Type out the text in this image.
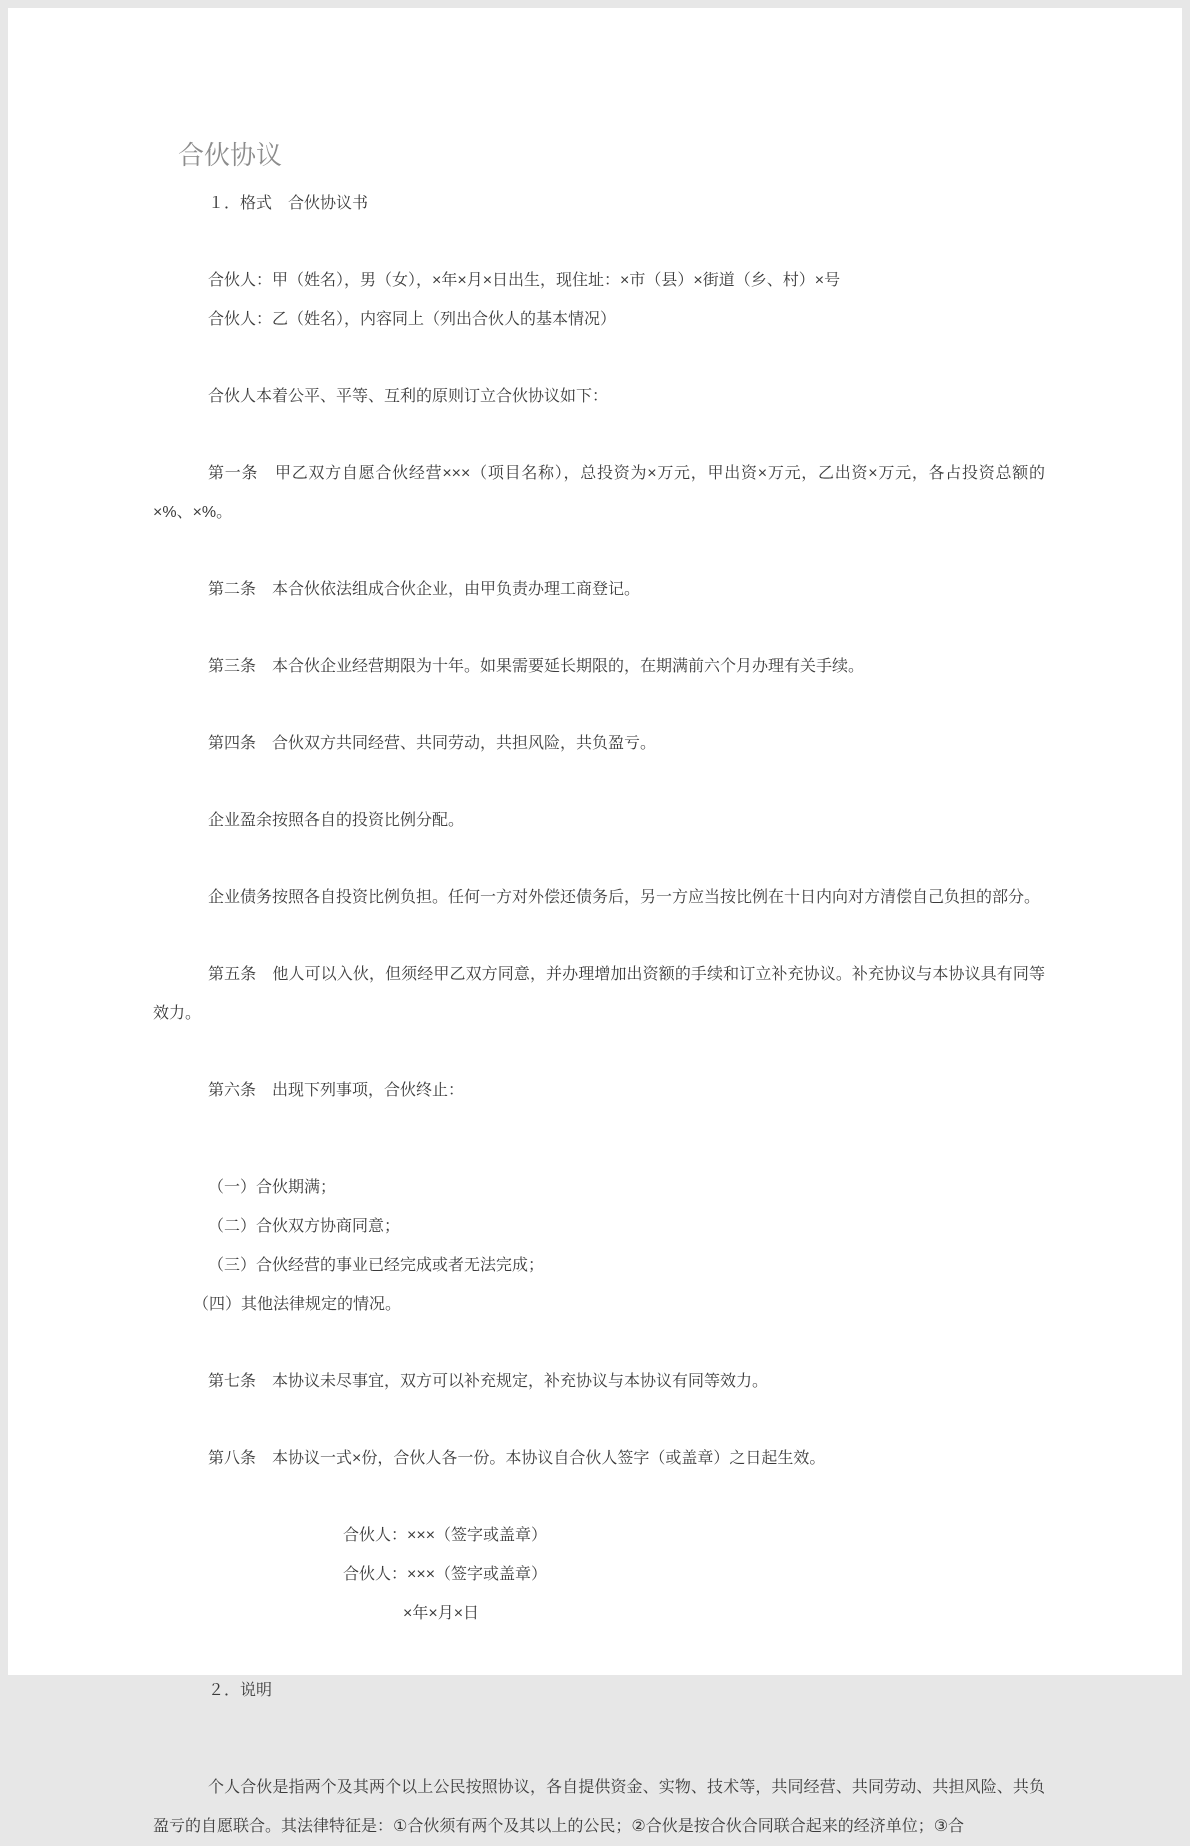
合伙协议

１．格式　合伙协议书

合伙人：甲（姓名），男（女），×年×月×日出生，现住址：×市（县）×街道（乡、村）×号

合伙人：乙（姓名），内容同上（列出合伙人的基本情况）

合伙人本着公平、平等、互利的原则订立合伙协议如下：

第一条　甲乙双方自愿合伙经营×××（项目名称），总投资为×万元，甲出资×万元，乙出资×万元，各占投资总额的×%、×%。

第二条　本合伙依法组成合伙企业，由甲负责办理工商登记。

第三条　本合伙企业经营期限为十年。如果需要延长期限的，在期满前六个月办理有关手续。

第四条　合伙双方共同经营、共同劳动，共担风险，共负盈亏。

企业盈余按照各自的投资比例分配。

企业债务按照各自投资比例负担。任何一方对外偿还债务后，另一方应当按比例在十日内向对方清偿自己负担的部分。

第五条　他人可以入伙，但须经甲乙双方同意，并办理增加出资额的手续和订立补充协议。补充协议与本协议具有同等效力。

第六条　出现下列事项，合伙终止：

（一）合伙期满；

（二）合伙双方协商同意；

（三）合伙经营的事业已经完成或者无法完成；

（四）其他法律规定的情况。

第七条　本协议未尽事宜，双方可以补充规定，补充协议与本协议有同等效力。

第八条　本协议一式×份，合伙人各一份。本协议自合伙人签字（或盖章）之日起生效。

合伙人：×××（签字或盖章）

合伙人：×××（签字或盖章）

×年×月×日

２．说明

个人合伙是指两个及其两个以上公民按照协议，各自提供资金、实物、技术等，共同经营、共同劳动、共担风险、共负盈亏的自愿联合。其法律特征是：①合伙须有两个及其以上的公民；②合伙是按合伙合同联合起来的经济单位；③合
